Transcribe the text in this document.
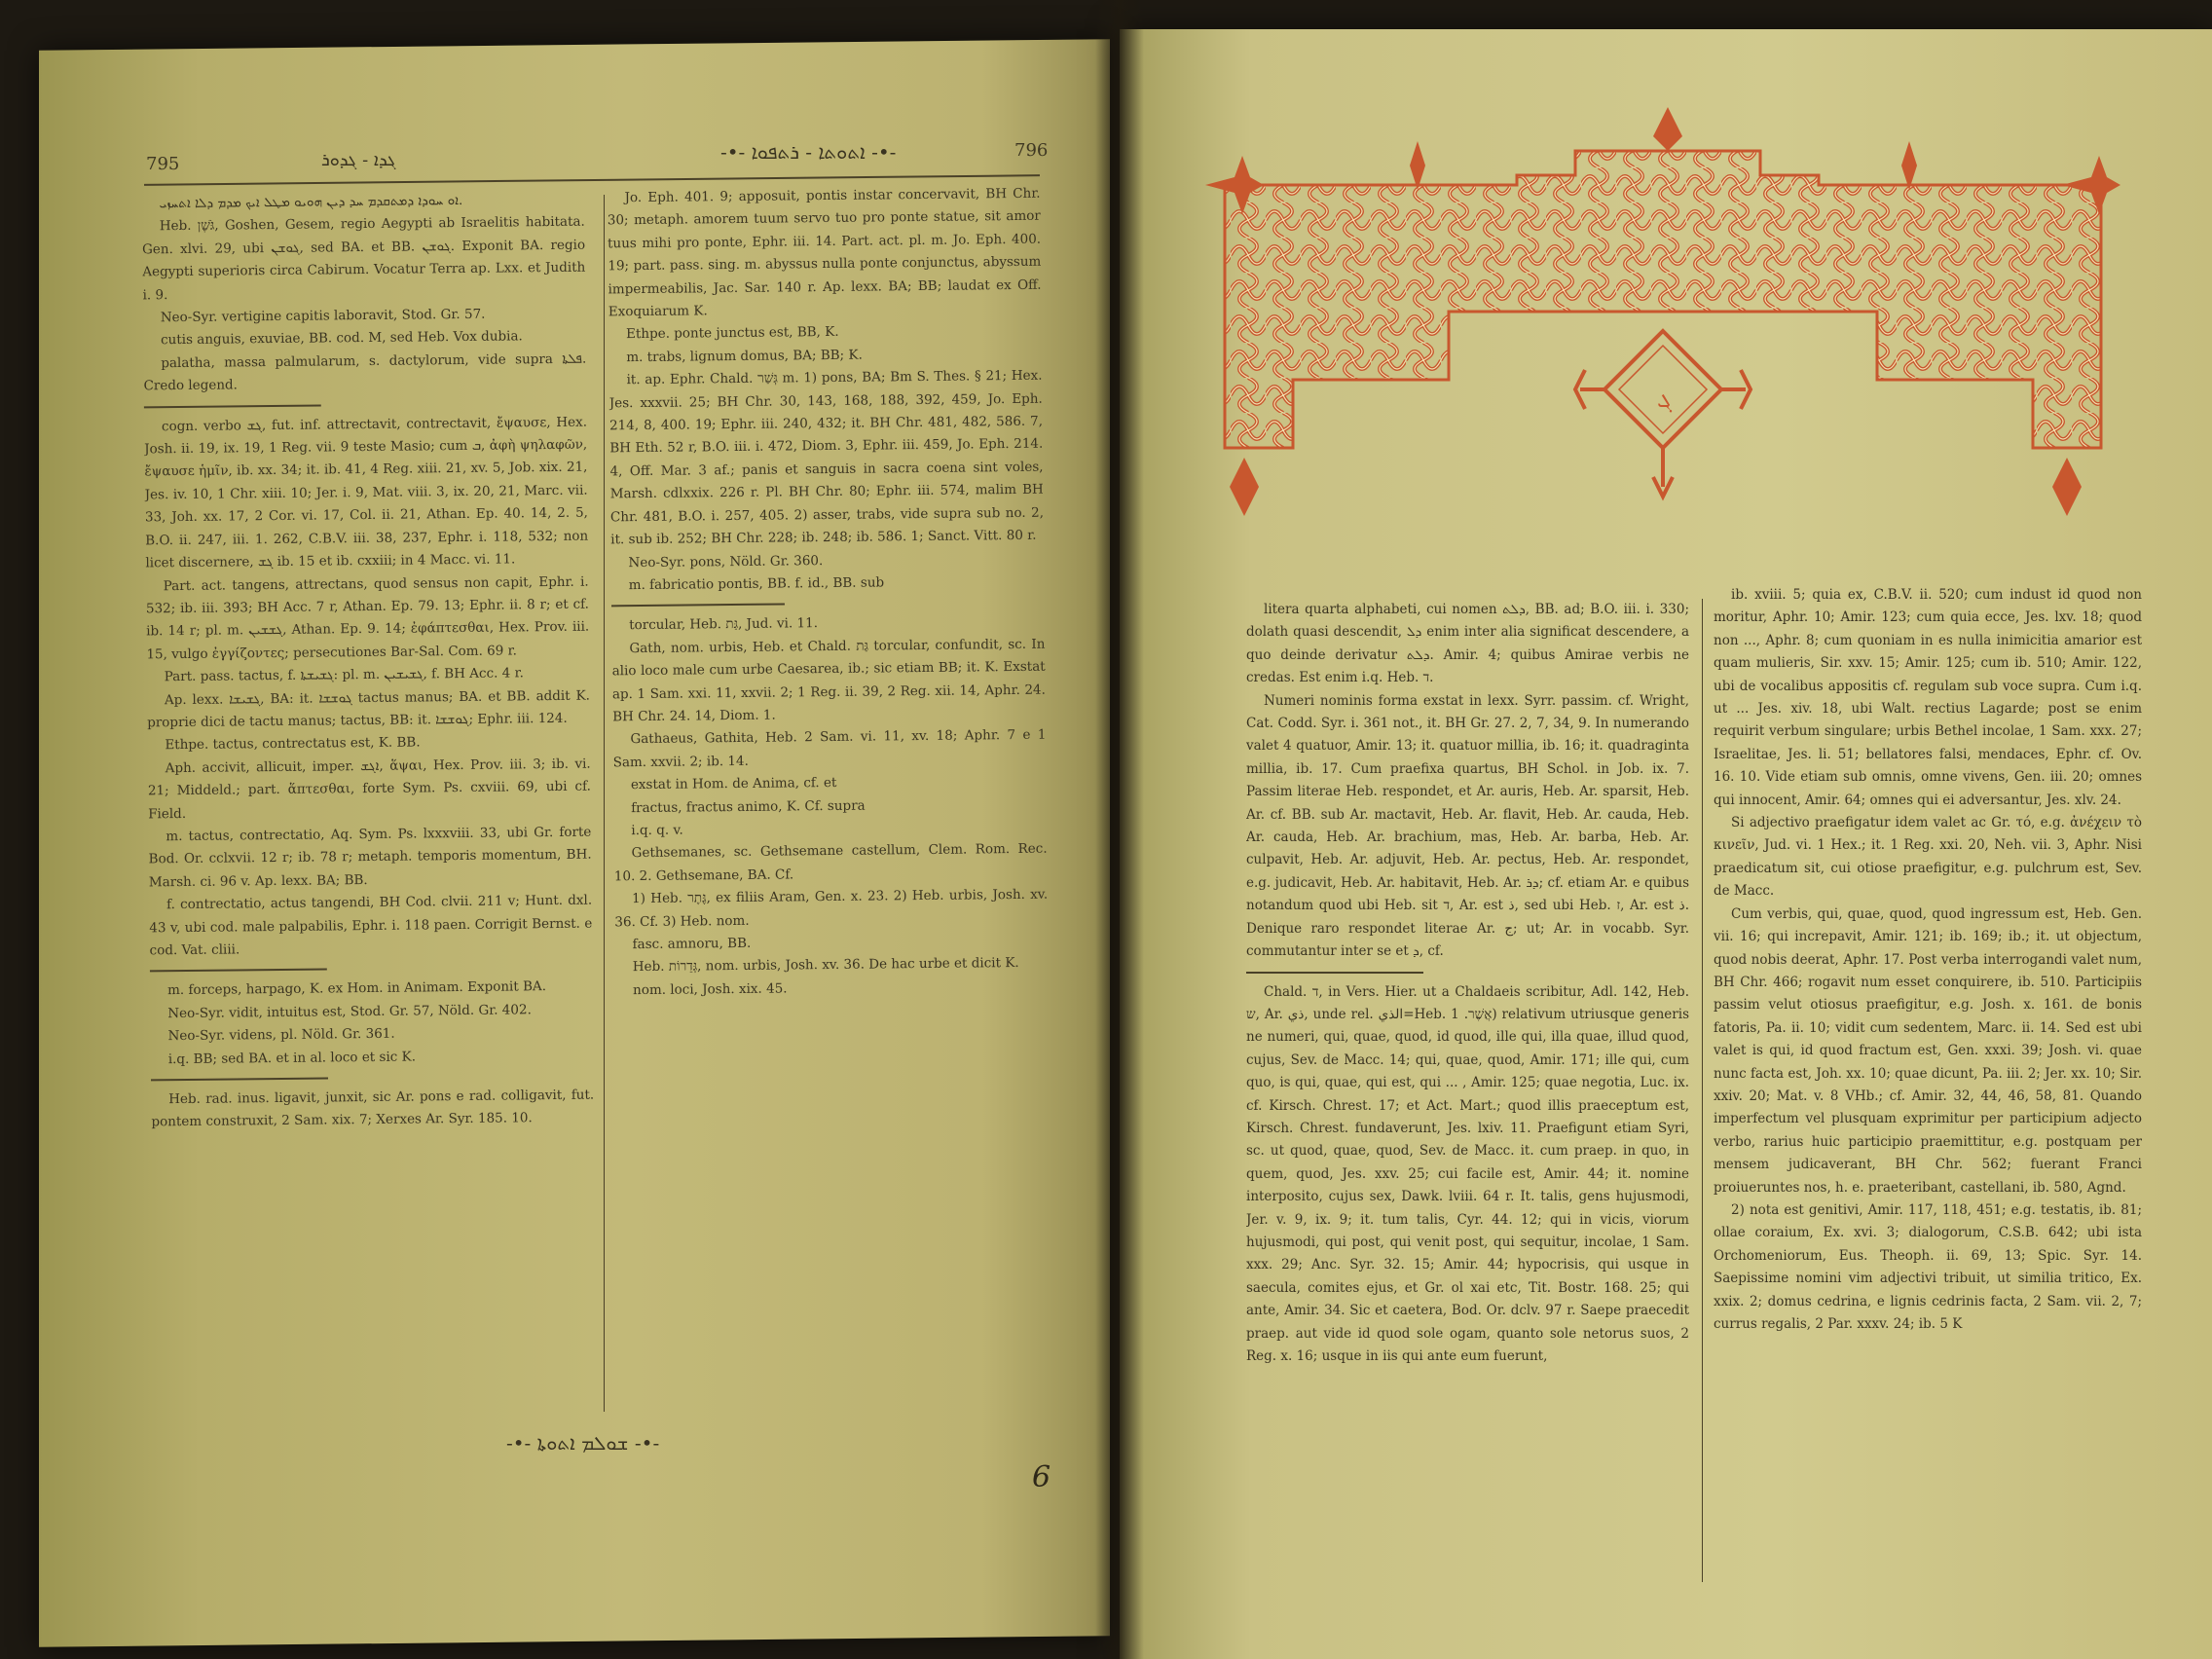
795	ܓܕܐ - ܓܕܘܪ	-•- ܐܬܘܬܐ - ܪܬܦܘܐ -•-	796

ܐܘ ܚܘܕܐ ܕܡܬܩܕܡ ܚܕ ܕܝܢ ܗܘܝܘ ܡܛܠ ܐܝܟ ܡܕܡ ܕܠܐ ܐܬܚܙܝ.

Heb. גֹּשֶׁן, Goshen, Gesem, regio Aegypti ab Israelitis habitata. Gen. xlvi. 29, ubi ܓܘܫܢ, sed BA. et BB. ܓܘܫܢ. Exponit BA. regio Aegypti superioris circa Cabirum. Vocatur Terra ap. Lxx. et Judith i. 9.

Neo-Syr. vertigine capitis laboravit, Stod. Gr. 57.

cutis anguis, exuviae, BB. cod. M, sed Heb. Vox dubia.

palatha, massa palmularum, s. dactylorum, vide supra ܦܠܬܐ. Credo legend.

cogn. verbo ܓܫ, fut. inf. attrectavit, contrectavit, ἔψαυσε, Hex. Josh. ii. 19, ix. 19, 1 Reg. vii. 9 teste Masio; cum ܒ, ἀφὴ ψηλαφῶν, ἔψαυσε ἡμῖν, ib. xx. 34; it. ib. 41, 4 Reg. xiii. 21, xv. 5, Job. xix. 21, Jes. iv. 10, 1 Chr. xiii. 10; Jer. i. 9, Mat. viii. 3, ix. 20, 21, Marc. vii. 33, Joh. xx. 17, 2 Cor. vi. 17, Col. ii. 21, Athan. Ep. 40. 14, 2. 5, B.O. ii. 247, iii. 1. 262, C.B.V. iii. 38, 237, Ephr. i. 118, 532; non licet discernere, ܓܫ ib. 15 et ib. cxxiii; in 4 Macc. vi. 11.

Part. act. tangens, attrectans, quod sensus non capit, Ephr. i. 532; ib. iii. 393; BH Acc. 7 r, Athan. Ep. 79. 13; Ephr. ii. 8 r; et cf. ib. 14 r; pl. m. ܓܫܫܝܢ, Athan. Ep. 9. 14; ἐφάπτεσθαι, Hex. Prov. iii. 15, vulgo ἐγγίζοντες; persecutiones Bar-Sal. Com. 69 r.

Part. pass. tactus, f. ܓܫܝܫܬܐ: pl. m. ܓܫܝܫܝܢ, f. BH Acc. 4 r.

Ap. lexx. ܓܫܝܫܐ, BA: it. ܓܘܫܫܐ tactus manus; BA. et BB. addit K. proprie dici de tactu manus; tactus, BB: it. ܓܘܫܫܐ; Ephr. iii. 124.

Ethpe. tactus, contrectatus est, K. BB.

Aph. accivit, allicuit, imper. ܐܓܫ, ἅψαι, Hex. Prov. iii. 3; ib. vi. 21; Middeld.; part. ἅπτεσθαι, forte Sym. Ps. cxviii. 69, ubi cf. Field.

m. tactus, contrectatio, Aq. Sym. Ps. lxxxviii. 33, ubi Gr. forte Bod. Or. cclxvii. 12 r; ib. 78 r; metaph. temporis momentum, BH. Marsh. ci. 96 v. Ap. lexx. BA; BB.

f. contrectatio, actus tangendi, BH Cod. clvii. 211 v; Hunt. dxl. 43 v, ubi cod. male palpabilis, Ephr. i. 118 paen. Corrigit Bernst. e cod. Vat. cliii.

m. forceps, harpago, K. ex Hom. in Animam. Exponit BA.

Neo-Syr. vidit, intuitus est, Stod. Gr. 57, Nöld. Gr. 402.

Neo-Syr. videns, pl. Nöld. Gr. 361.

i.q. BB; sed BA. et in al. loco et sic K.

Heb. rad. inus. ligavit, junxit, sic Ar. pons e rad. colligavit, fut. pontem construxit, 2 Sam. xix. 7; Xerxes Ar. Syr. 185. 10.

Jo. Eph. 401. 9; apposuit, pontis instar concervavit, BH Chr. 30; metaph. amorem tuum servo tuo pro ponte statue, sit amor tuus mihi pro ponte, Ephr. iii. 14. Part. act. pl. m. Jo. Eph. 400. 19; part. pass. sing. m. abyssus nulla ponte conjunctus, abyssum impermeabilis, Jac. Sar. 140 r. Ap. lexx. BA; BB; laudat ex Off. Exoquiarum K.

Ethpe. ponte junctus est, BB, K.

m. trabs, lignum domus, BA; BB; K.

it. ap. Ephr. Chald. גְּשַׁר m. 1) pons, BA; Bm S. Thes. § 21; Hex. Jes. xxxvii. 25; BH Chr. 30, 143, 168, 188, 392, 459, Jo. Eph. 214, 8, 400. 19; Ephr. iii. 240, 432; it. BH Chr. 481, 482, 586. 7, BH Eth. 52 r, B.O. iii. i. 472, Diom. 3, Ephr. iii. 459, Jo. Eph. 214. 4, Off. Mar. 3 af.; panis et sanguis in sacra coena sint voles, Marsh. cdlxxix. 226 r. Pl. BH Chr. 80; Ephr. iii. 574, malim BH Chr. 481, B.O. i. 257, 405. 2) asser, trabs, vide supra sub no. 2, it. sub ib. 252; BH Chr. 228; ib. 248; ib. 586. 1; Sanct. Vitt. 80 r.

Neo-Syr. pons, Nöld. Gr. 360.

m. fabricatio pontis, BB. f. id., BB. sub

torcular, Heb. גַּת, Jud. vi. 11.

Gath, nom. urbis, Heb. et Chald. גַּת torcular, confundit, sc. In alio loco male cum urbe Caesarea, ib.; sic etiam BB; it. K. Exstat ap. 1 Sam. xxi. 11, xxvii. 2; 1 Reg. ii. 39, 2 Reg. xii. 14, Aphr. 24. BH Chr. 24. 14, Diom. 1.

Gathaeus, Gathita, Heb. 2 Sam. vi. 11, xv. 18; Aphr. 7 e 1 Sam. xxvii. 2; ib. 14.

exstat in Hom. de Anima, cf. et

fractus, fractus animo, K. Cf. supra

i.q. q. v.

Gethsemanes, sc. Gethsemane castellum, Clem. Rom. Rec. 10. 2. Gethsemane, BA. Cf.

1) Heb. גֶּתֶר, ex filiis Aram, Gen. x. 23. 2) Heb. urbis, Josh. xv. 36. Cf. 3) Heb. nom.

fasc. amnoru, BB.

Heb. גְּדֵרוֹת, nom. urbis, Josh. xv. 36. De hac urbe et dicit K.

nom. loci, Josh. xix. 45.

-•- ܫܘܠܡ ܐܬܘܬܐ -•-
6
ܓ

litera quarta alphabeti, cui nomen ܕܠܬ, BB. ad; B.O. iii. i. 330; dolath quasi descendit, ܕܠ enim inter alia significat descendere, a quo deinde derivatur ܕܠܬ. Amir. 4; quibus Amirae verbis ne credas. Est enim i.q. Heb. ד.

Numeri nominis forma exstat in lexx. Syrr. passim. cf. Wright, Cat. Codd. Syr. i. 361 not., it. BH Gr. 27. 2, 7, 34, 9. In numerando valet 4 quatuor, Amir. 13; it. quatuor millia, ib. 16; it. quadraginta millia, ib. 17. Cum praefixa quartus, BH Schol. in Job. ix. 7. Passim literae Heb. respondet, et Ar. auris, Heb. Ar. sparsit, Heb. Ar. cf. BB. sub Ar. mactavit, Heb. Ar. flavit, Heb. Ar. cauda, Heb. Ar. cauda, Heb. Ar. brachium, mas, Heb. Ar. barba, Heb. Ar. culpavit, Heb. Ar. adjuvit, Heb. Ar. pectus, Heb. Ar. respondet, e.g. judicavit, Heb. Ar. habitavit, Heb. Ar. ܕܪ; cf. etiam Ar. e quibus notandum quod ubi Heb. sit ד, Ar. est ذ, sed ubi Heb. ז, Ar. est ذ. Denique raro respondet literae Ar. ج; ut; Ar. in vocabb. Syr. commutantur inter se et ܕ, cf.

Chald. ד, in Vers. Hier. ut a Chaldaeis scribitur, Adl. 142, Heb. ש, Ar. ذي, unde rel. الذي=Heb. אֲשֶׁר. 1) relativum utriusque generis ne numeri, qui, quae, quod, id quod, ille qui, illa quae, illud quod, cujus, Sev. de Macc. 14; qui, quae, quod, Amir. 171; ille qui, cum quo, is qui, quae, qui est, qui ... , Amir. 125; quae negotia, Luc. ix. cf. Kirsch. Chrest. 17; et Act. Mart.; quod illis praeceptum est, Kirsch. Chrest. fundaverunt, Jes. lxiv. 11. Praefigunt etiam Syri, sc. ut quod, quae, quod, Sev. de Macc. it. cum praep. in quo, in quem, quod, Jes. xxv. 25; cui facile est, Amir. 44; it. nomine interposito, cujus sex, Dawk. lviii. 64 r. It. talis, gens hujusmodi, Jer. v. 9, ix. 9; it. tum talis, Cyr. 44. 12; qui in vicis, viorum hujusmodi, qui post, qui venit post, qui sequitur, incolae, 1 Sam. xxx. 29; Anc. Syr. 32. 15; Amir. 44; hypocrisis, qui usque in saecula, comites ejus, et Gr. ol xai etc, Tit. Bostr. 168. 25; qui ante, Amir. 34. Sic et caetera, Bod. Or. dclv. 97 r. Saepe praecedit praep. aut vide id quod sole ogam, quanto sole netorus suos, 2 Reg. x. 16; usque in iis qui ante eum fuerunt,

ib. xviii. 5; quia ex, C.B.V. ii. 520; cum indust id quod non moritur, Aphr. 10; Amir. 123; cum quia ecce, Jes. lxv. 18; quod non ..., Aphr. 8; cum quoniam in es nulla inimicitia amarior est quam mulieris, Sir. xxv. 15; Amir. 125; cum ib. 510; Amir. 122, ubi de vocalibus appositis cf. regulam sub voce supra. Cum i.q. ut ... Jes. xiv. 18, ubi Walt. rectius Lagarde; post se enim requirit verbum singulare; urbis Bethel incolae, 1 Sam. xxx. 27; Israelitae, Jes. li. 51; bellatores falsi, mendaces, Ephr. cf. Ov. 16. 10. Vide etiam sub omnis, omne vivens, Gen. iii. 20; omnes qui innocent, Amir. 64; omnes qui ei adversantur, Jes. xlv. 24.

Si adjectivo praefigatur idem valet ac Gr. τό, e.g. ἀνέχειν τὸ κινεῖν, Jud. vi. 1 Hex.; it. 1 Reg. xxi. 20, Neh. vii. 3, Aphr. Nisi praedicatum sit, cui otiose praefigitur, e.g. pulchrum est, Sev. de Macc.

Cum verbis, qui, quae, quod, quod ingressum est, Heb. Gen. vii. 16; qui increpavit, Amir. 121; ib. 169; ib.; it. ut objectum, quod nobis deerat, Aphr. 17. Post verba interrogandi valet num, BH Chr. 466; rogavit num esset conquirere, ib. 510. Participiis passim velut otiosus praefigitur, e.g. Josh. x. 161. de bonis fatoris, Pa. ii. 10; vidit cum sedentem, Marc. ii. 14. Sed est ubi valet is qui, id quod fractum est, Gen. xxxi. 39; Josh. vi. quae nunc facta est, Joh. xx. 10; quae dicunt, Pa. iii. 2; Jer. xx. 10; Sir. xxiv. 20; Mat. v. 8 VHb.; cf. Amir. 32, 44, 46, 58, 81. Quando imperfectum vel plusquam exprimitur per participium adjecto verbo, rarius huic participio praemittitur, e.g. postquam per mensem judicaverant, BH Chr. 562; fuerant Franci proiueruntes nos, h. e. praeteribant, castellani, ib. 580, Agnd.

2) nota est genitivi, Amir. 117, 118, 451; e.g. testatis, ib. 81; ollae coraium, Ex. xvi. 3; dialogorum, C.S.B. 642; ubi ista Orchomeniorum, Eus. Theoph. ii. 69, 13; Spic. Syr. 14. Saepissime nomini vim adjectivi tribuit, ut similia tritico, Ex. xxix. 2; domus cedrina, e lignis cedrinis facta, 2 Sam. vii. 2, 7; currus regalis, 2 Par. xxxv. 24; ib. 5 K
